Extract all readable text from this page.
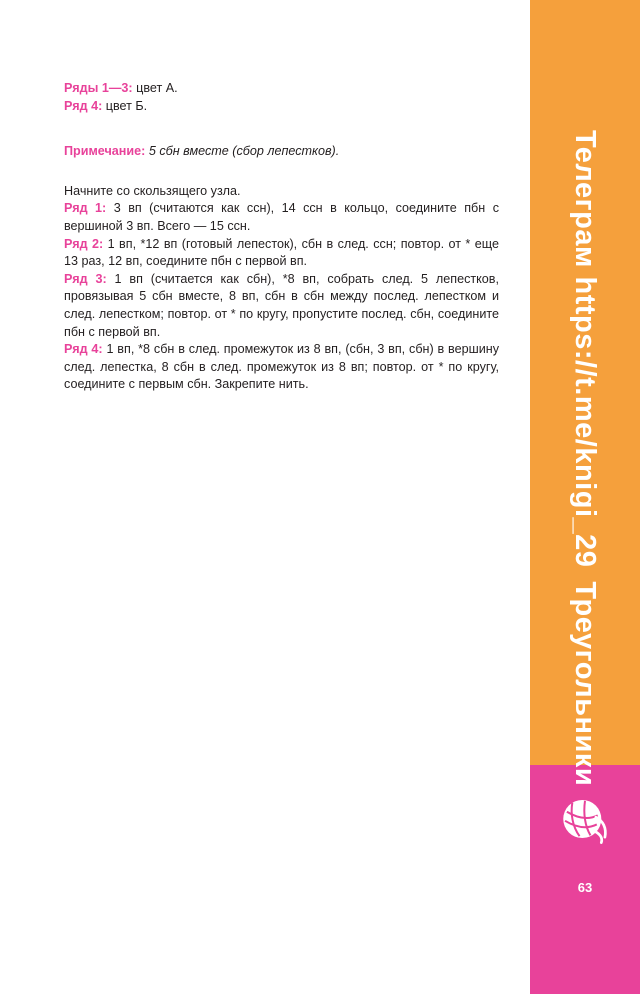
Ряды 1—3: цвет А.

Ряд 4: цвет Б.

Примечание: 5 сбн вместе (сбор лепестков).

Начните со скользящего узла.

Ряд 1: 3 вп (считаются как ссн), 14 ссн в кольцо, соедините пбн с вершиной 3 вп. Всего — 15 ссн.

Ряд 2: 1 вп, *12 вп (готовый лепесток), сбн в след. ссн; повтор. от * еще 13 раз, 12 вп, соедините пбн с первой вп.

Ряд 3: 1 вп (считается как сбн), *8 вп, собрать след. 5 лепестков, провязывая 5 сбн вместе, 8 вп, сбн в сбн между послед. лепестком и след. лепестком; повтор. от * по кругу, пропустите послед. сбн, соедините пбн с первой вп.

Ряд 4: 1 вп, *8 сбн в след. промежуток из 8 вп, (сбн, 3 вп, сбн) в вершину след. лепестка, 8 сбн в след. промежуток из 8 вп; повтор. от * по кругу, соедините с первым сбн. Закрепите нить.	Телеграм https://t.me/knigi_29
Треугольники
63
